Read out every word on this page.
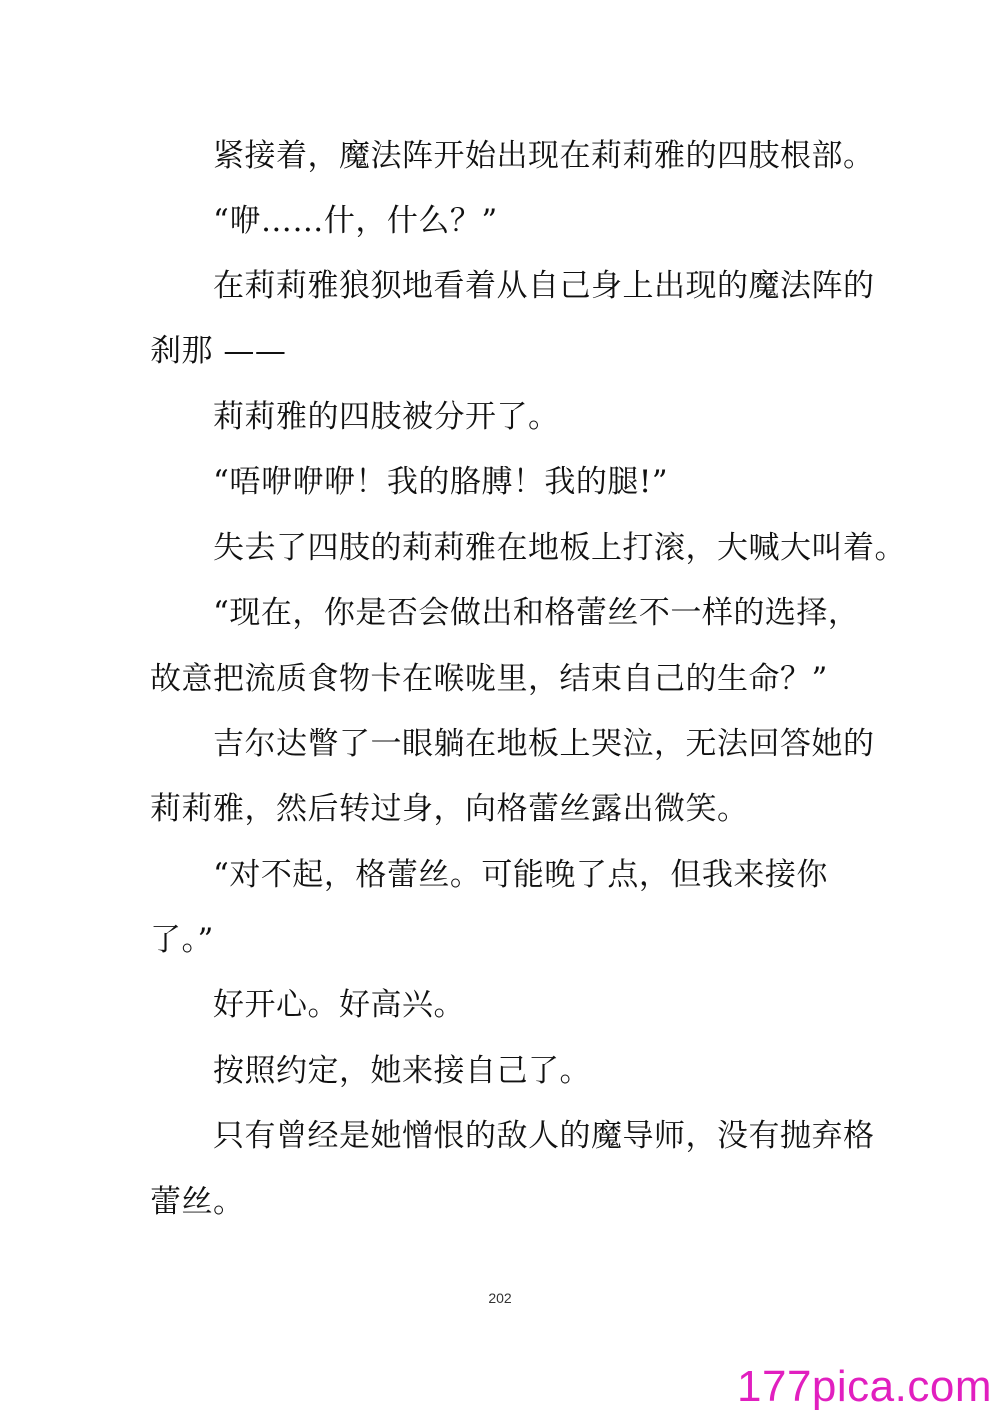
紧接着，魔法阵开始出现在莉莉雅的四肢根部。
“咿……什，什么？”
在莉莉雅狼狈地看着从自己身上出现的魔法阵的
刹那 ——
莉莉雅的四肢被分开了。
“唔咿咿咿！我的胳膊！我的腿!”
失去了四肢的莉莉雅在地板上打滚，大喊大叫着。
“现在，你是否会做出和格蕾丝不一样的选择，
故意把流质食物卡在喉咙里，结束自己的生命？”
吉尔达瞥了一眼躺在地板上哭泣，无法回答她的
莉莉雅，然后转过身，向格蕾丝露出微笑。
“对不起，格蕾丝。可能晚了点，但我来接你
了。”
好开心。好高兴。
按照约定，她来接自己了。
只有曾经是她憎恨的敌人的魔导师，没有抛弃格
蕾丝。
202
177pica.com
